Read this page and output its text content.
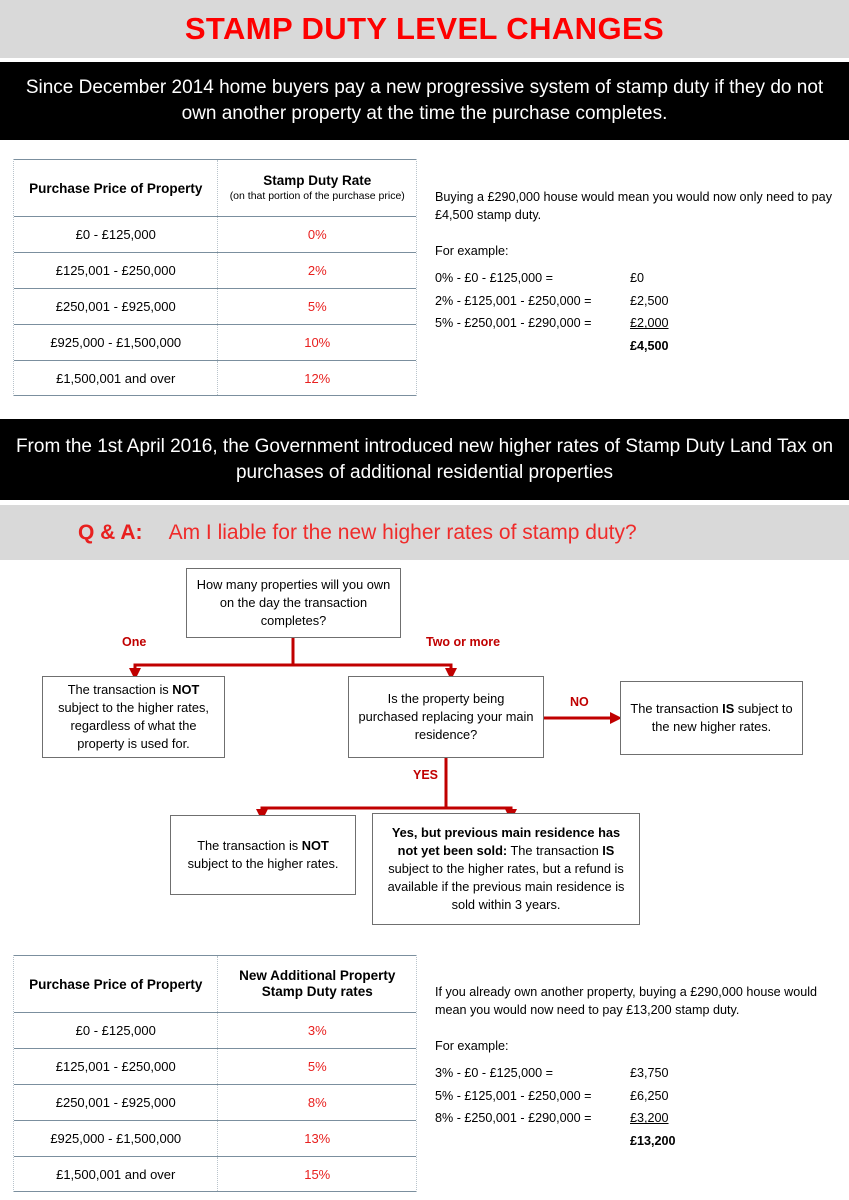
STAMP DUTY LEVEL CHANGES
Since December 2014 home buyers pay a new progressive system of stamp duty if they do not own another property at the time the purchase completes.
Purchase Price of Property	Stamp Duty Rate
(on that portion of the purchase price)
£0 - £125,000	0%
£125,001 - £250,000	2%
£250,001 - £925,000	5%
£925,000 - £1,500,000	10%
£1,500,001 and over	12%
Buying a £290,000 house would mean you would now only need to pay £4,500 stamp duty.
For example:
0% - £0 - £125,000 =	£0
2% - £125,001 - £250,000 =	£2,500
5% - £250,001 - £290,000 =	£2,000
£4,500
From the 1st April 2016, the Government introduced new higher rates of Stamp Duty Land Tax on purchases of additional residential properties
Q & A: Am I liable for the new higher rates of stamp duty?
How many properties will you own on the day the transaction completes?
One	Two or more
NO
YES
The transaction is NOT subject to the higher rates, regardless of what the property is used for.
Is the property being purchased replacing your main residence?
The transaction IS subject to the new higher rates.
The transaction is NOT subject to the higher rates.
Yes, but previous main residence has not yet been sold: The transaction IS subject to the higher rates, but a refund is available if the previous main residence is sold within 3 years.
Purchase Price of Property
New Additional Property
Stamp Duty rates
£0 - £125,000	3%
£125,001 - £250,000	5%
£250,001 - £925,000	8%
£925,000 - £1,500,000	13%
£1,500,001 and over	15%
If you already own another property, buying a £290,000 house would mean you would now need to pay £13,200 stamp duty.
For example:
3% - £0 - £125,000 =	£3,750
5% - £125,001 - £250,000 =	£6,250
8% - £250,001 - £290,000 =	£3,200
£13,200
